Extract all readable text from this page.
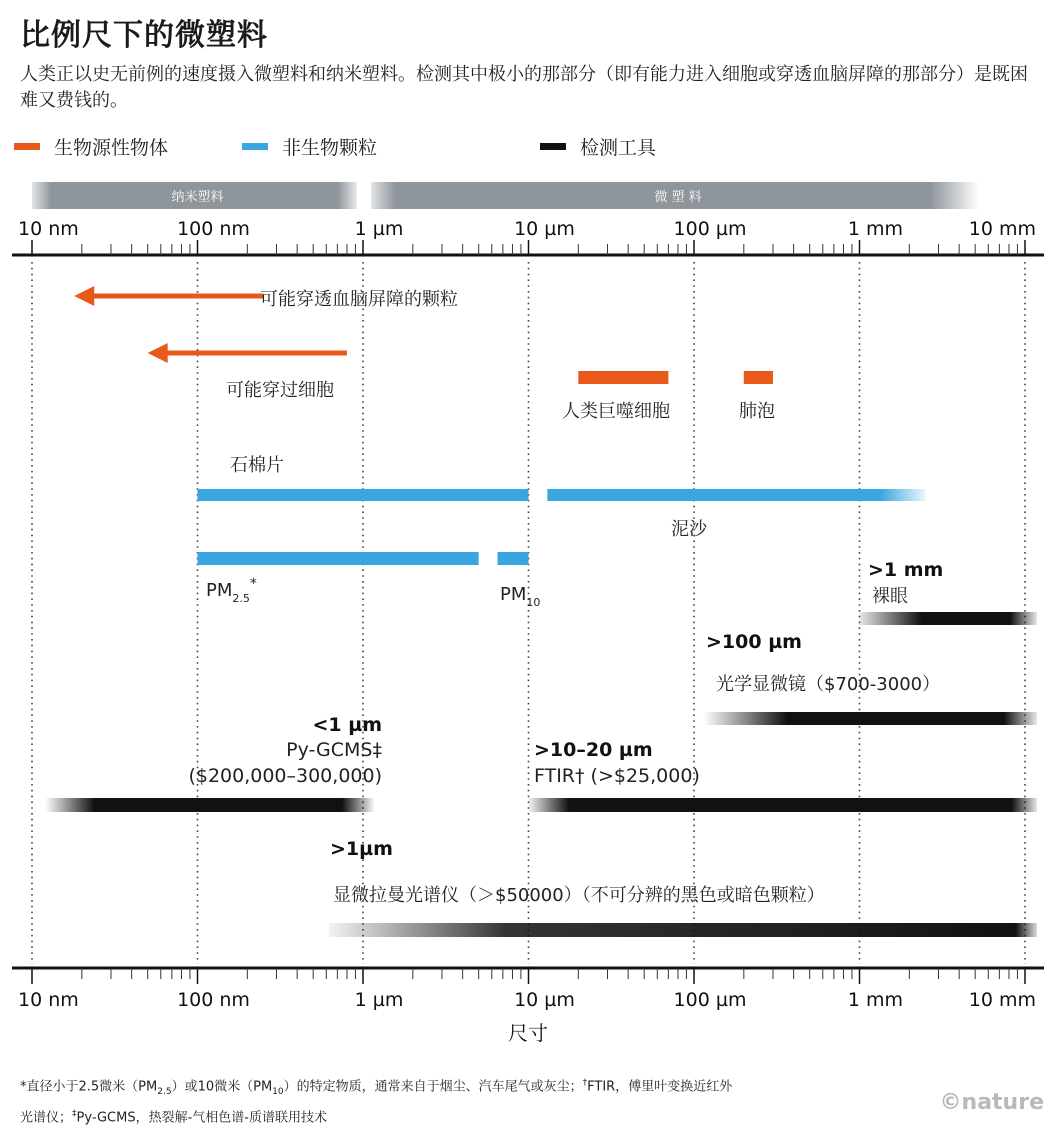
比例尺下的微塑料
人类正以史无前例的速度摄入微塑料和纳米塑料。检测其中极小的那部分（即有能力进入细胞或穿透血脑屏障的那部分）是既困难又费钱的。
生物源性物体	非生物颗粒	检测工具
纳米塑料	微 塑 料
10 nm	100 nm	1 µm	10 µm	100 µm	1 mm	10 mm
10 nm	100 nm	1 µm	10 µm	100 µm	1 mm	10 mm
可能穿透血脑屏障的颗粒
可能穿过细胞
人类巨噬细胞	肺泡
石棉片
泥沙
$PM_{2.5}^*$	$PM_{10}$
>1 mm
裸眼
>100 µm
光学显微镜（$700-3000）
<1 µm
Py-GCMS‡
($200,000–300,000)
>10–20 µm
FTIR† (>$25,000)
>1µm
显微拉曼光谱仪（＞$50000）（不可分辨的黑色或暗色颗粒）
尺寸
*直径小于2.5微米$(PM_{2.5})$或10微米$(PM_{10})$的特定物质，通常来自于烟尘、汽车尾气或灰尘；†FTIR，傅里叶变换近红外
光谱仪；‡Py-GCMS，热裂解-气相色谱-质谱联用技术
©nature
